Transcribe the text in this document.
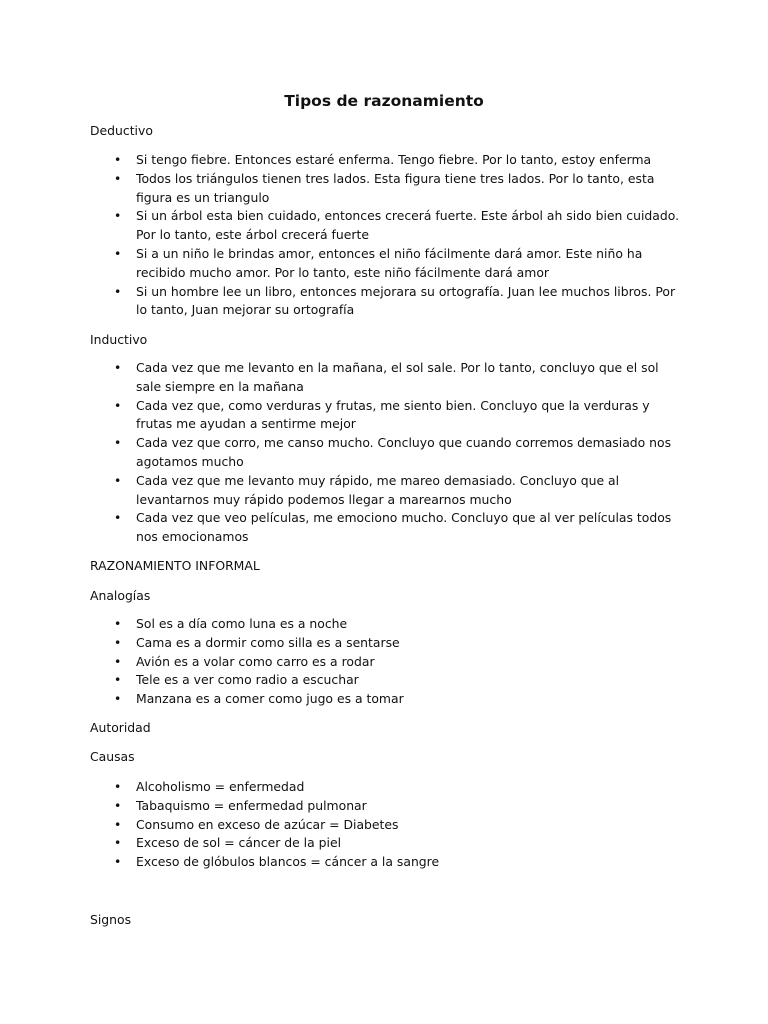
Tipos de razonamiento
Deductivo
• Si tengo fiebre. Entonces estaré enferma. Tengo fiebre. Por lo tanto, estoy enferma
• Todos los triángulos tienen tres lados. Esta figura tiene tres lados. Por lo tanto, esta figura es un triangulo
• Si un árbol esta bien cuidado, entonces crecerá fuerte. Este árbol ah sido bien cuidado. Por lo tanto, este árbol crecerá fuerte
• Si a un niño le brindas amor, entonces el niño fácilmente dará amor. Este niño ha recibido mucho amor. Por lo tanto, este niño fácilmente dará amor
• Si un hombre lee un libro, entonces mejorara su ortografía. Juan lee muchos libros. Por lo tanto, Juan mejorar su ortografía
Inductivo
• Cada vez que me levanto en la mañana, el sol sale. Por lo tanto, concluyo que el sol sale siempre en la mañana
• Cada vez que, como verduras y frutas, me siento bien. Concluyo que la verduras y frutas me ayudan a sentirme mejor
• Cada vez que corro, me canso mucho. Concluyo que cuando corremos demasiado nos agotamos mucho
• Cada vez que me levanto muy rápido, me mareo demasiado. Concluyo que al levantarnos muy rápido podemos llegar a marearnos mucho
• Cada vez que veo películas, me emociono mucho. Concluyo que al ver películas todos nos emocionamos
RAZONAMIENTO INFORMAL
Analogías
• Sol es a día como luna es a noche
• Cama es a dormir como silla es a sentarse
• Avión es a volar como carro es a rodar
• Tele es a ver como radio a escuchar
• Manzana es a comer como jugo es a tomar
Autoridad
Causas
• Alcoholismo = enfermedad
• Tabaquismo = enfermedad pulmonar
• Consumo en exceso de azúcar = Diabetes
• Exceso de sol = cáncer de la piel
• Exceso de glóbulos blancos = cáncer a la sangre
Signos
